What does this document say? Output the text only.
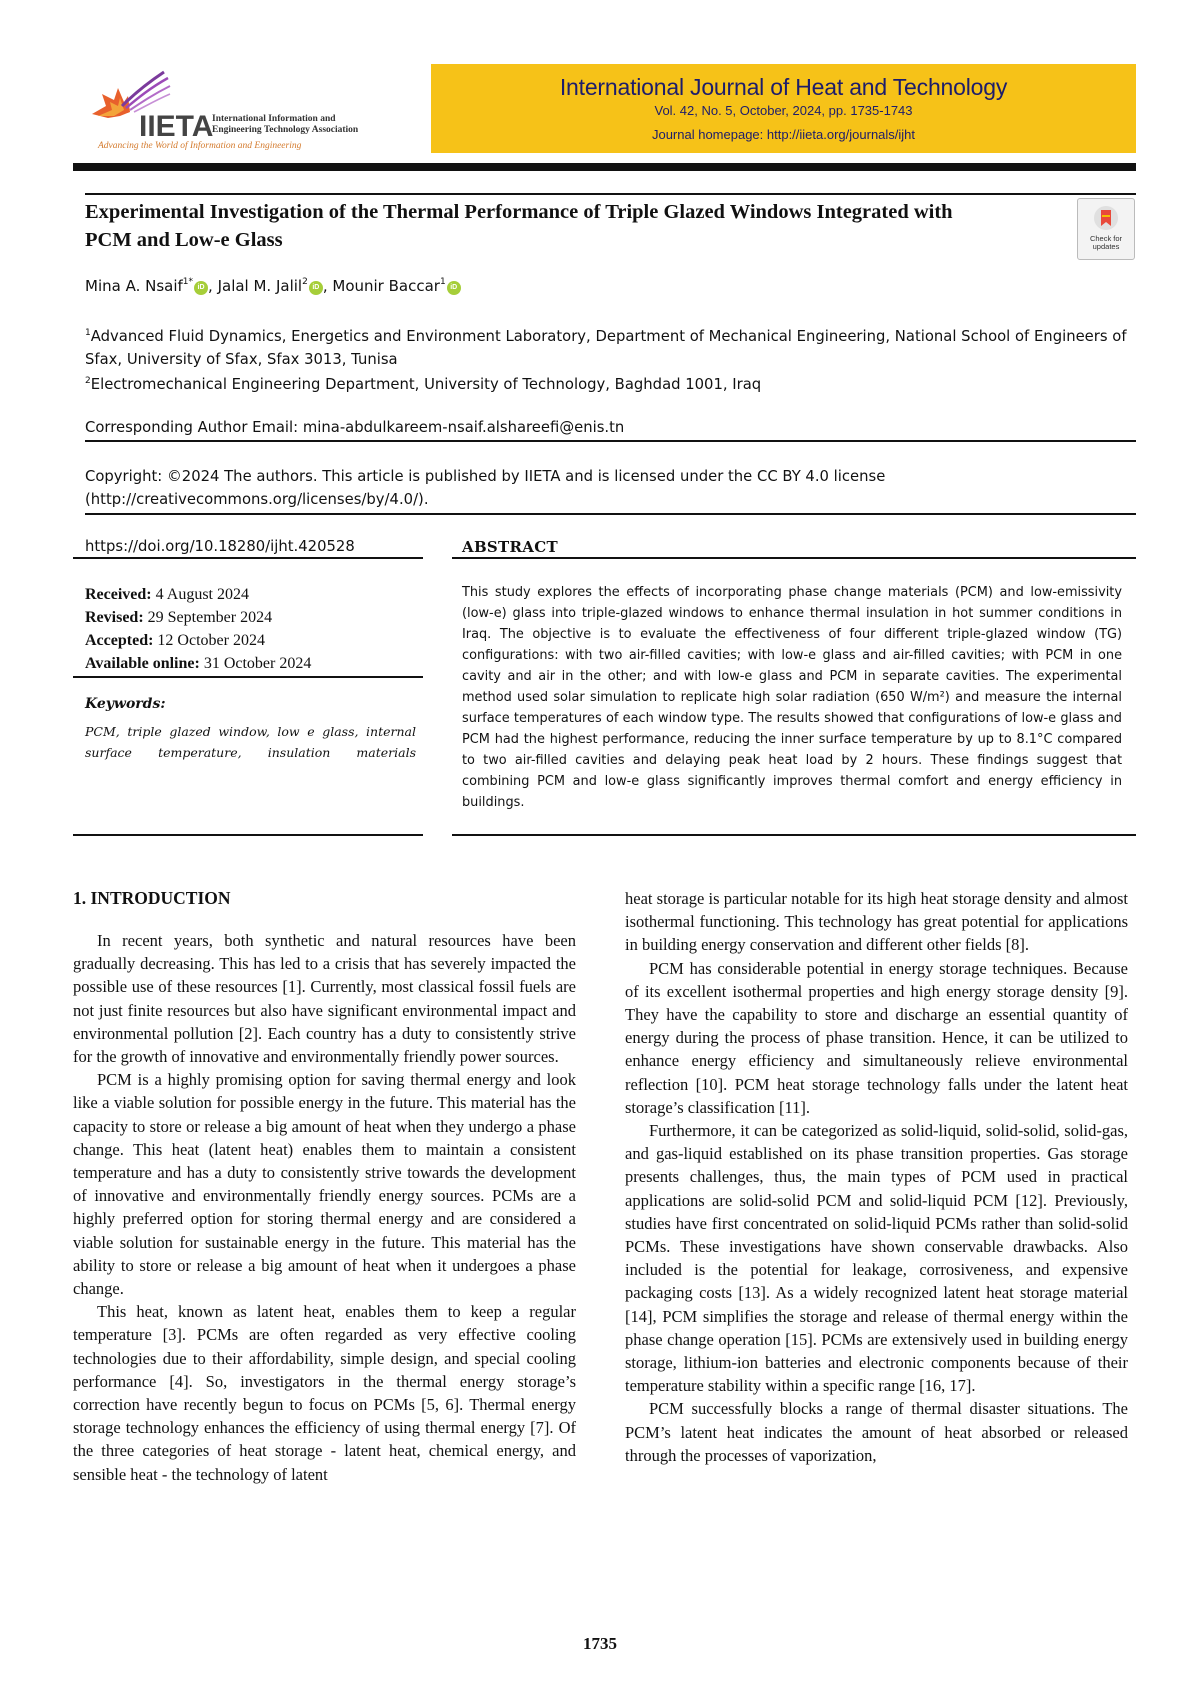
IIETA
International Information and
Engineering Technology Association
Advancing the World of Information and Engineering
International Journal of Heat and Technology
Vol. 42, No. 5, October, 2024, pp. 1735-1743
Journal homepage: http://iieta.org/journals/ijht
Experimental Investigation of the Thermal Performance of Triple Glazed Windows Integrated with PCM and Low-e Glass	Check for
updates
Mina A. Nsaif$^{1*}$iD , Jalal M. Jalil$^2$iD , Mounir Baccar$^1$iD
$^1$Advanced Fluid Dynamics, Energetics and Environment Laboratory, Department of Mechanical Engineering, National School of Engineers of Sfax, University of Sfax, Sfax 3013, Tunisa
$^2$Electromechanical Engineering Department, University of Technology, Baghdad 1001, Iraq
Corresponding Author Email: mina-abdulkareem-nsaif.alshareefi@enis.tn
Copyright: ©2024 The authors. This article is published by IIETA and is licensed under the CC BY 4.0 license (http://creativecommons.org/licenses/by/4.0/).
https://doi.org/10.18280/ijht.420528
Received: 4 August 2024
Revised: 29 September 2024
Accepted: 12 October 2024
Available online: 31 October 2024
Keywords:
PCM, triple glazed window, low e glass, internal surface temperature, insulation materials
ABSTRACT
This study explores the effects of incorporating phase change materials (PCM) and low-emissivity (low-e) glass into triple-glazed windows to enhance thermal insulation in hot summer conditions in Iraq. The objective is to evaluate the effectiveness of four different triple-glazed window (TG) configurations: with two air-filled cavities; with low-e glass and air-filled cavities; with PCM in one cavity and air in the other; and with low-e glass and PCM in separate cavities. The experimental method used solar simulation to replicate high solar radiation (650 W/m²) and measure the internal surface temperatures of each window type. The results showed that configurations of low-e glass and PCM had the highest performance, reducing the inner surface temperature by up to 8.1°C compared to two air-filled cavities and delaying peak heat load by 2 hours. These findings suggest that combining PCM and low-e glass significantly improves thermal comfort and energy efficiency in buildings.
1. INTRODUCTION

In recent years, both synthetic and natural resources have been gradually decreasing. This has led to a crisis that has severely impacted the possible use of these resources [1]. Currently, most classical fossil fuels are not just finite resources but also have significant environmental impact and environmental pollution [2]. Each country has a duty to consistently strive for the growth of innovative and environmentally friendly power sources.

PCM is a highly promising option for saving thermal energy and look like a viable solution for possible energy in the future. This material has the capacity to store or release a big amount of heat when they undergo a phase change. This heat (latent heat) enables them to maintain a consistent temperature and has a duty to consistently strive towards the development of innovative and environmentally friendly energy sources. PCMs are a highly preferred option for storing thermal energy and are considered a viable solution for sustainable energy in the future. This material has the ability to store or release a big amount of heat when it undergoes a phase change.

This heat, known as latent heat, enables them to keep a regular temperature [3]. PCMs are often regarded as very effective cooling technologies due to their affordability, simple design, and special cooling performance [4]. So, investigators in the thermal energy storage’s correction have recently begun to focus on PCMs [5, 6]. Thermal energy storage technology enhances the efficiency of using thermal energy [7]. Of the three categories of heat storage - latent heat, chemical energy, and sensible heat - the technology of latent

heat storage is particular notable for its high heat storage density and almost isothermal functioning. This technology has great potential for applications in building energy conservation and different other fields [8].

PCM has considerable potential in energy storage techniques. Because of its excellent isothermal properties and high energy storage density [9]. They have the capability to store and discharge an essential quantity of energy during the process of phase transition. Hence, it can be utilized to enhance energy efficiency and simultaneously relieve environmental reflection [10]. PCM heat storage technology falls under the latent heat storage’s classification [11].

Furthermore, it can be categorized as solid-liquid, solid-solid, solid-gas, and gas-liquid established on its phase transition properties. Gas storage presents challenges, thus, the main types of PCM used in practical applications are solid-solid PCM and solid-liquid PCM [12]. Previously, studies have first concentrated on solid-liquid PCMs rather than solid-solid PCMs. These investigations have shown conservable drawbacks. Also included is the potential for leakage, corrosiveness, and expensive packaging costs [13]. As a widely recognized latent heat storage material [14], PCM simplifies the storage and release of thermal energy within the phase change operation [15]. PCMs are extensively used in building energy storage, lithium-ion batteries and electronic components because of their temperature stability within a specific range [16, 17].

PCM successfully blocks a range of thermal disaster situations. The PCM’s latent heat indicates the amount of heat absorbed or released through the processes of vaporization,

1735
